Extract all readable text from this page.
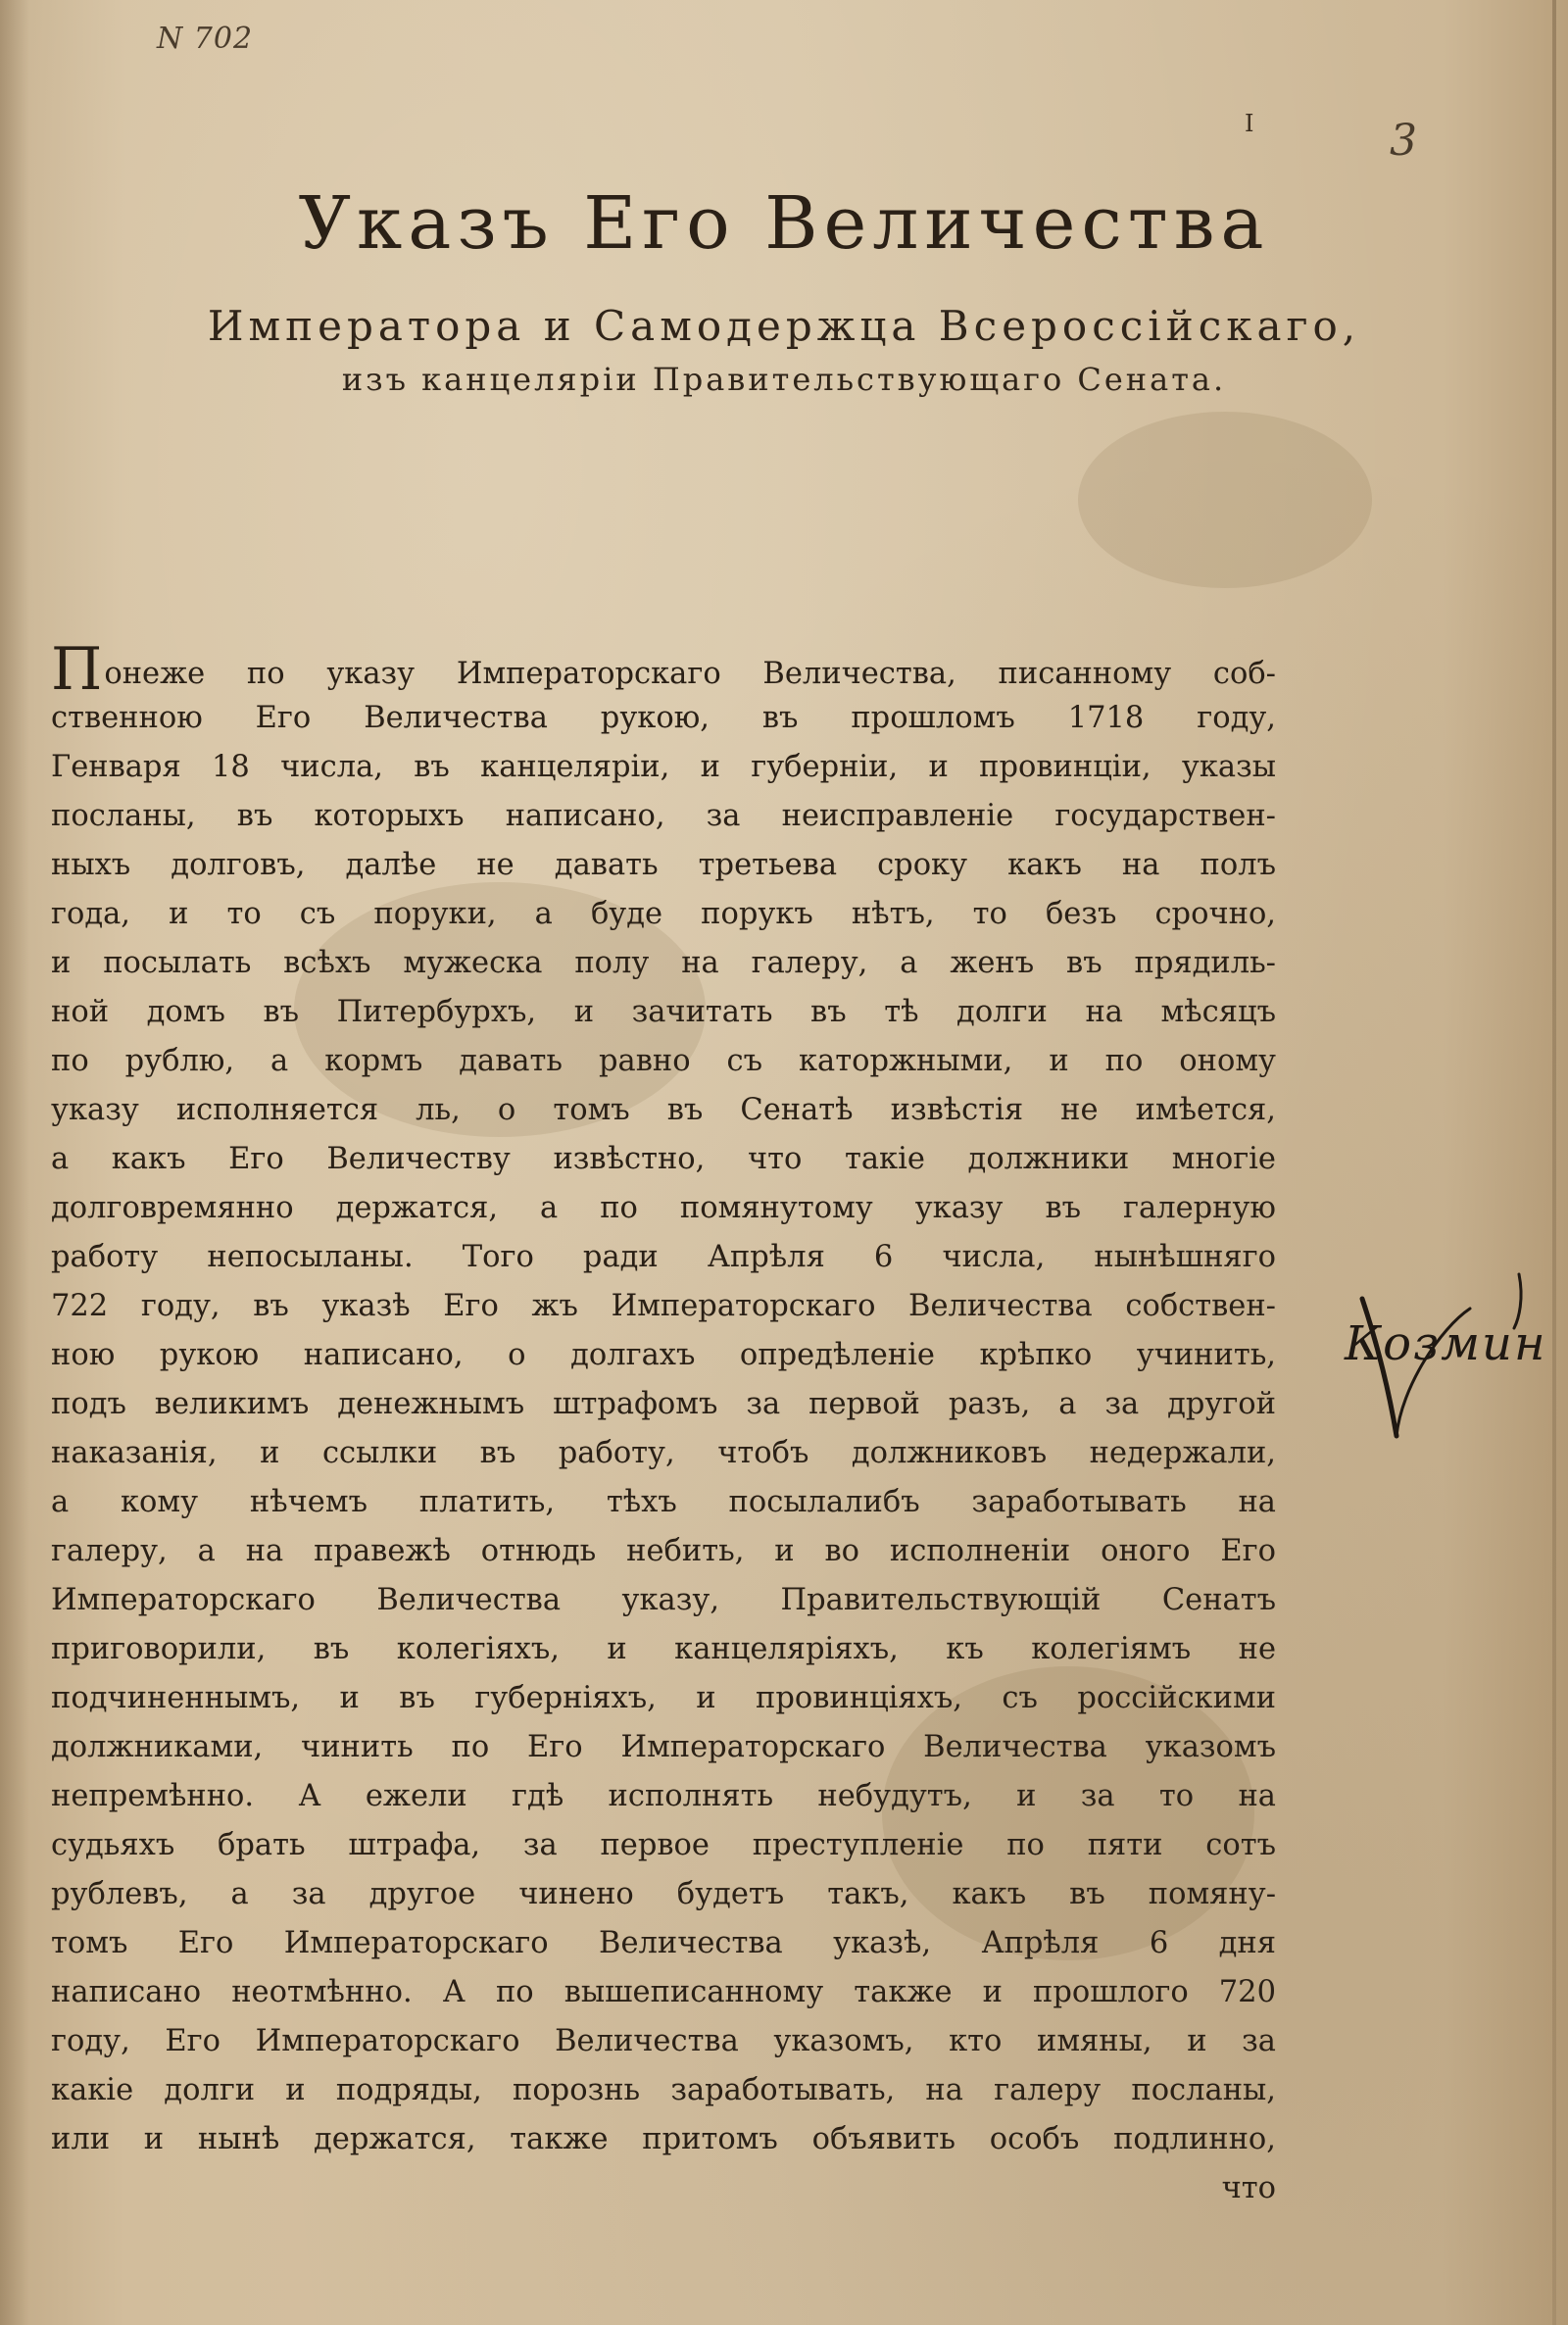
N 702
I	3
Указъ Его Величества
Императора и Самодержца Всероссійскаго,
изъ канцеляріи Правительствующаго Сената.
Понеже по указу Императорскаго Величества, писанному соб-
ственною Его Величества рукою, въ прошломъ 1718 году,
Генваря 18 числа, въ канцеляріи, и губерніи, и провинціи, указы
посланы, въ которыхъ написано, за неисправленіе государствен-
ныхъ долговъ, далѣе не давать третьева сроку какъ на полъ
года, и то съ поруки, а буде порукъ нѣтъ, то безъ срочно,
и посылать всѣхъ мужеска полу на галеру, а женъ въ прядиль-
ной домъ въ Питербурхъ, и зачитать въ тѣ долги на мѣсяцъ
по рублю, а кормъ давать равно съ каторжными, и по оному
указу исполняется ль, о томъ въ Сенатѣ извѣстія не имѣется,
а какъ Его Величеству извѣстно, что такіе должники многіе
долговремянно держатся, а по помянутому указу въ галерную
работу непосыланы. Того ради Апрѣля 6 числа, нынѣшняго
722 году, въ указѣ Его жъ Императорскаго Величества собствен-
ною рукою написано, о долгахъ опредѣленіе крѣпко учинить,
подъ великимъ денежнымъ штрафомъ за первой разъ, а за другой
наказанія, и ссылки въ работу, чтобъ должниковъ недержали,
а кому нѣчемъ платить, тѣхъ посылалибъ заработывать на
галеру, а на правежѣ отнюдь небить, и во исполненіи оного Его
Императорскаго Величества указу, Правительствующій Сенатъ
приговорили, въ колегіяхъ, и канцеляріяхъ, къ колегіямъ не
подчиненнымъ, и въ губерніяхъ, и провинціяхъ, съ россійскими
должниками, чинить по Его Императорскаго Величества указомъ
непремѣнно. А ежели гдѣ исполнять небудутъ, и за то на
судьяхъ брать штрафа, за первое преступленіе по пяти сотъ
рублевъ, а за другое чинено будетъ такъ, какъ въ помяну-
томъ Его Императорскаго Величества указѣ, Апрѣля 6 дня
написано неотмѣнно. А по вышеписанному также и прошлого 720
году, Его Императорскаго Величества указомъ, кто имяны, и за
какіе долги и подряды, порознь заработывать, на галеру посланы,
или и нынѣ держатся, также притомъ объявить особъ подлинно,
что
Козмин
